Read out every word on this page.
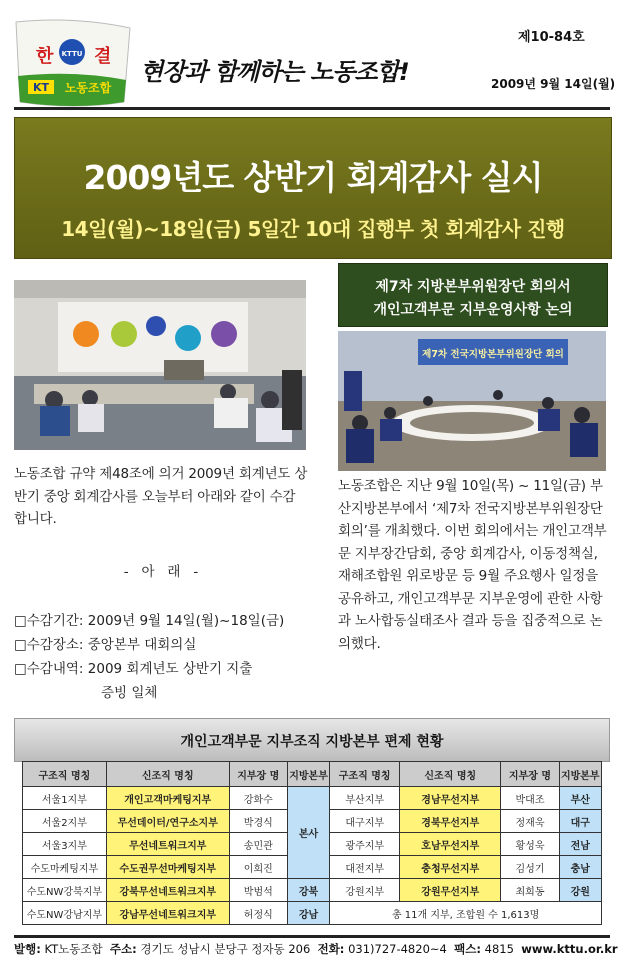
KTTU
한 결
KT 노동조합
현장과 함께하는 노동조합!
제10-84호
2009년 9월 14일(월)
2009년도 상반기 회계감사 실시
14일(월)~18일(금) 5일간 10대 집행부 첫 회계감사 진행
제7차 지방본부위원장단 회의서
개인고객부문 지부운영사항 논의
제7차 전국지방본부위원장단 회의
노동조합 규약 제48조에 의거 2009년 회계년도 상반기 중앙 회계감사를 오늘부터 아래와 같이 수감합니다.
-   아   래   -
□수감기간: 2009년 9월 14일(월)~18일(금)
□수감장소: 중앙본부 대회의실
□수감내역: 2009 회계년도 상반기 지출
증빙 일체
노동조합은 지난 9월 10일(목) ~ 11일(금) 부산지방본부에서 ‘제7차 전국지방본부위원장단 회의’를 개최했다. 이번 회의에서는 개인고객부문 지부장간담회, 중앙 회계감사, 이동정책실, 재해조합원 위로방문 등 9월 주요행사 일정을 공유하고, 개인고객부문 지부운영에 관한 사항과 노사합동실태조사 결과 등을 집중적으로 논의했다.
개인고객부문 지부조직 지방본부 편제 현황
구조직 명칭	신조직 명칭	지부장 명	지방본부	구조직 명칭	신조직 명칭	지부장 명	지방본부
서울1지부	개인고객마케팅지부	강화수	본사	부산지부	경남무선지부	박대조	부산
서울2지부	무선데이터/연구소지부	박경식		대구지부	경북무선지부	정재욱	대구
서울3지부	무선네트워크지부	송민관		광주지부	호남무선지부	황성욱	전남
수도마케팅지부	수도권무선마케팅지부	이희진		대전지부	충청무선지부	김성기	충남
수도NW강북지부	강북무선네트워크지부	박범석	강북	강원지부	강원무선지부	최희동	강원
수도NW강남지부	강남무선네트워크지부	허정식	강남	총 11개 지부, 조합원 수 1,613명			
발행: KT노동조합 주소: 경기도 성남시 분당구 정자동 206 전화: 031)727-4820~4 팩스: 4815 www.kttu.or.kr
